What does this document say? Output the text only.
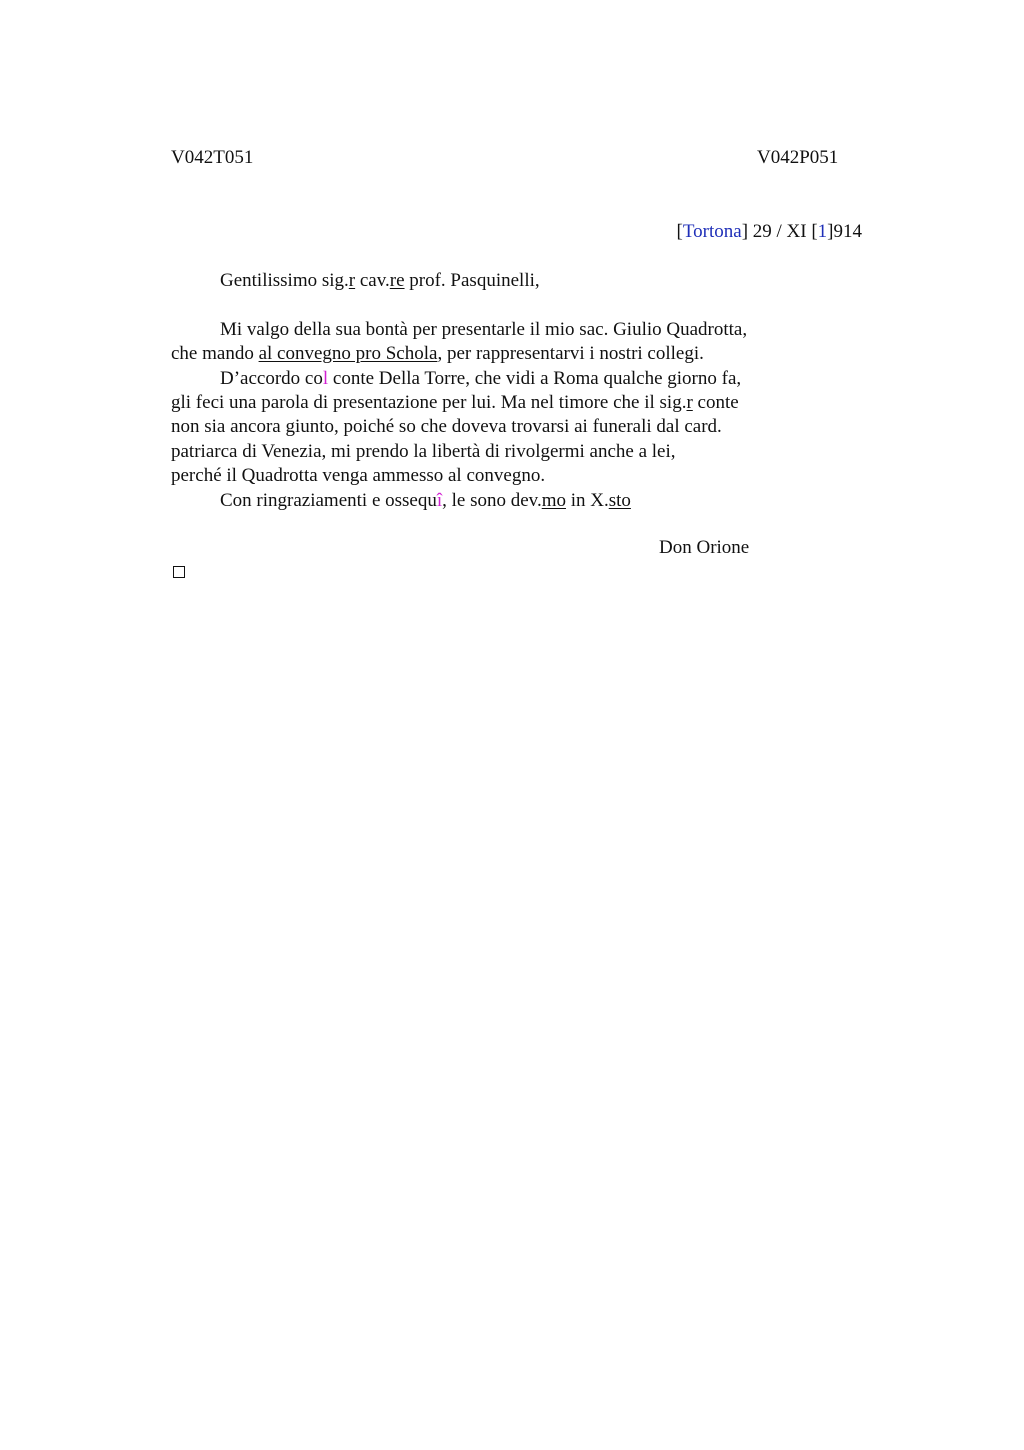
V042T051	V042P051
[Tortona] 29 / XI [1]914
Gentilissimo sig.r cav.re prof. Pasquinelli,
Mi valgo della sua bontà per presentarle il mio sac. Giulio Quadrotta,
che mando al convegno pro Schola, per rappresentarvi i nostri collegi.
D’accordo col conte Della Torre, che vidi a Roma qualche giorno fa,
gli feci una parola di presentazione per lui. Ma nel timore che il sig.r conte
non sia ancora giunto, poiché so che doveva trovarsi ai funerali dal card.
patriarca di Venezia, mi prendo la libertà di rivolgermi anche a lei,
perché il Quadrotta venga ammesso al convegno.
Con ringraziamenti e ossequî, le sono dev.mo in X.sto
Don Orione
